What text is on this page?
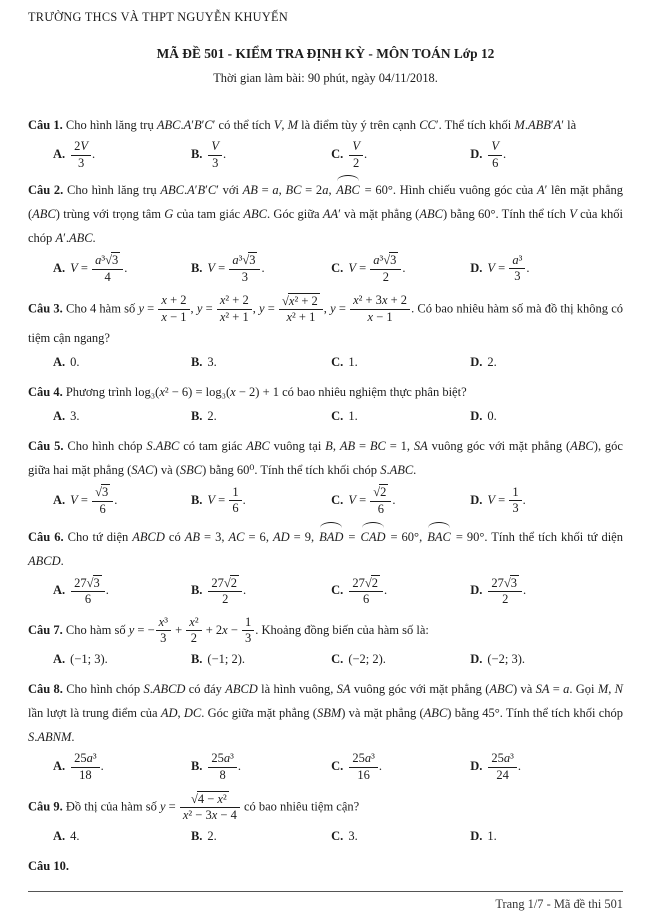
TRƯỜNG THCS VÀ THPT NGUYỄN KHUYẾN
MÃ ĐỀ 501 - KIỂM TRA ĐỊNH KỲ - MÔN TOÁN Lớp 12
Thời gian làm bài: 90 phút, ngày 04/11/2018.
Câu 1. Cho hình lăng trụ ABC.A′B′C′ có thể tích V, M là điểm tùy ý trên cạnh CC′. Thể tích khối M.ABB′A′ là
A. $\frac{2V}{3}$ .	B. $\frac{V}{3}$ .	C. $\frac{V}{2}$ .	D. $\frac{V}{6}$ .
Câu 2. Cho hình lăng trụ ABC.A′B′C′ với AB = a, BC = 2a, ABC = 60°. Hình chiếu vuông góc của A′ lên mặt phẳng (ABC) trùng với trọng tâm G của tam giác ABC. Góc giữa AA′ và mặt phẳng (ABC) bằng 60°. Tính thể tích V của khối chóp A′.ABC.
A. $V = \frac{\text{a³√3}}{4}$ .	B. $V = \frac{\text{a³√3}}{3}$ .	C. $V = \frac{\text{a³√3}}{2}$ .	D. $V = \frac{\text{a³}}{3}$ .
Câu 3. Cho 4 hàm số $y = \frac{x + 2}{x - 1}$ , $y = \frac{\text{x² + 2}}{\text{x² + 1}}$ , $y = \frac{\text{√x² + 2}}{\text{x² + 1}}$ , $y = \frac{\text{x² + 3x + 2}}{x - 1}$ . Có bao nhiêu hàm số mà đồ thị không có tiệm cận ngang?
A. 0.	B. 3.	C. 1.	D. 2.
Câu 4. Phương trình log₃(x² − 6) = log₃(x − 2) + 1 có bao nhiêu nghiệm thực phân biệt?
A. 3.	B. 2.	C. 1.	D. 0.
Câu 5. Cho hình chóp S.ABC có tam giác ABC vuông tại B, AB = BC = 1, SA vuông góc với mặt phẳng (ABC), góc giữa hai mặt phẳng (SAC) và (SBC) bằng 60⁰. Tính thể tích khối chóp S.ABC.
A. $V = \frac{√3}{6}$ .	B. $V = \frac{1}{6}$ .	C. $V = \frac{√2}{6}$ .	D. $V = \frac{1}{3}$ .
Câu 6. Cho tứ diện ABCD có AB = 3, AC = 6, AD = 9, BAD = CAD = 60°, BAC = 90°. Tính thể tích khối tứ diện ABCD.
A. $\frac{27√3}{6}$ .	B. $\frac{27√2}{2}$ .	C. $\frac{27√2}{6}$ .	D. $\frac{27√3}{2}$ .
Câu 7. Cho hàm số y = − $\frac{\text{x³}}{3} + \frac{\text{x²}}{2} + 2x - \frac{1}{3}$ . Khoảng đồng biến của hàm số là:
A. (−1; 3).	B. (−1; 2).	C. (−2; 2).	D. (−2; 3).
Câu 8. Cho hình chóp S.ABCD có đáy ABCD là hình vuông, SA vuông góc với mặt phẳng (ABC) và SA = a. Gọi M, N lần lượt là trung điểm của AD, DC. Góc giữa mặt phẳng (SBM) và mặt phẳng (ABC) bằng 45°. Tính thể tích khối chóp S.ABNM.
A. $\frac{\text{25a³}}{18}$ .	B. $\frac{\text{25a³}}{8}$ .	C. $\frac{\text{25a³}}{16}$ .	D. $\frac{\text{25a³}}{24}$ .
Câu 9. Đồ thị của hàm số $y = \frac{\text{√4 − x²}}{\text{x² − 3x − 4}}$ có bao nhiêu tiệm cận?
A. 4.	B. 2.	C. 3.	D. 1.
Câu 10.
Trang 1/7 - Mã đề thi 501
